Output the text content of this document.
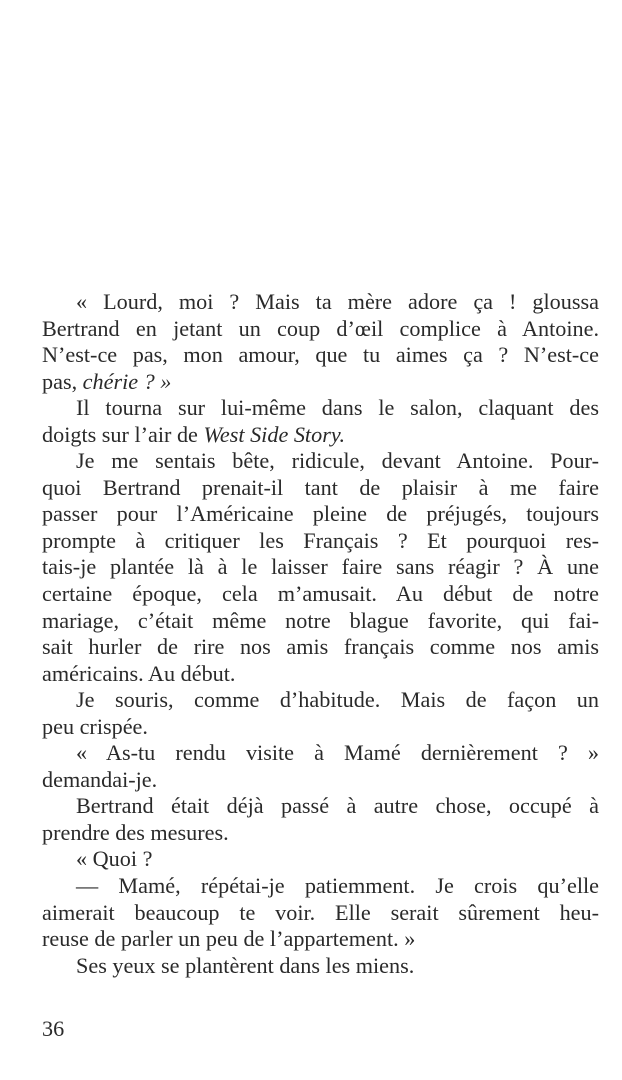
« Lourd, moi ? Mais ta mère adore ça ! gloussa
Bertrand en jetant un coup d’œil complice à Antoine.
N’est-ce pas, mon amour, que tu aimes ça ? N’est-ce
pas, chérie ? »
Il tourna sur lui-même dans le salon, claquant des
doigts sur l’air de West Side Story.
Je me sentais bête, ridicule, devant Antoine. Pour-
quoi Bertrand prenait-il tant de plaisir à me faire
passer pour l’Américaine pleine de préjugés, toujours
prompte à critiquer les Français ? Et pourquoi res-
tais-je plantée là à le laisser faire sans réagir ? À une
certaine époque, cela m’amusait. Au début de notre
mariage, c’était même notre blague favorite, qui fai-
sait hurler de rire nos amis français comme nos amis
américains. Au début.
Je souris, comme d’habitude. Mais de façon un
peu crispée.
« As-tu rendu visite à Mamé dernièrement ? »
demandai-je.
Bertrand était déjà passé à autre chose, occupé à
prendre des mesures.
« Quoi ?
— Mamé, répétai-je patiemment. Je crois qu’elle
aimerait beaucoup te voir. Elle serait sûrement heu-
reuse de parler un peu de l’appartement. »
Ses yeux se plantèrent dans les miens.
36
